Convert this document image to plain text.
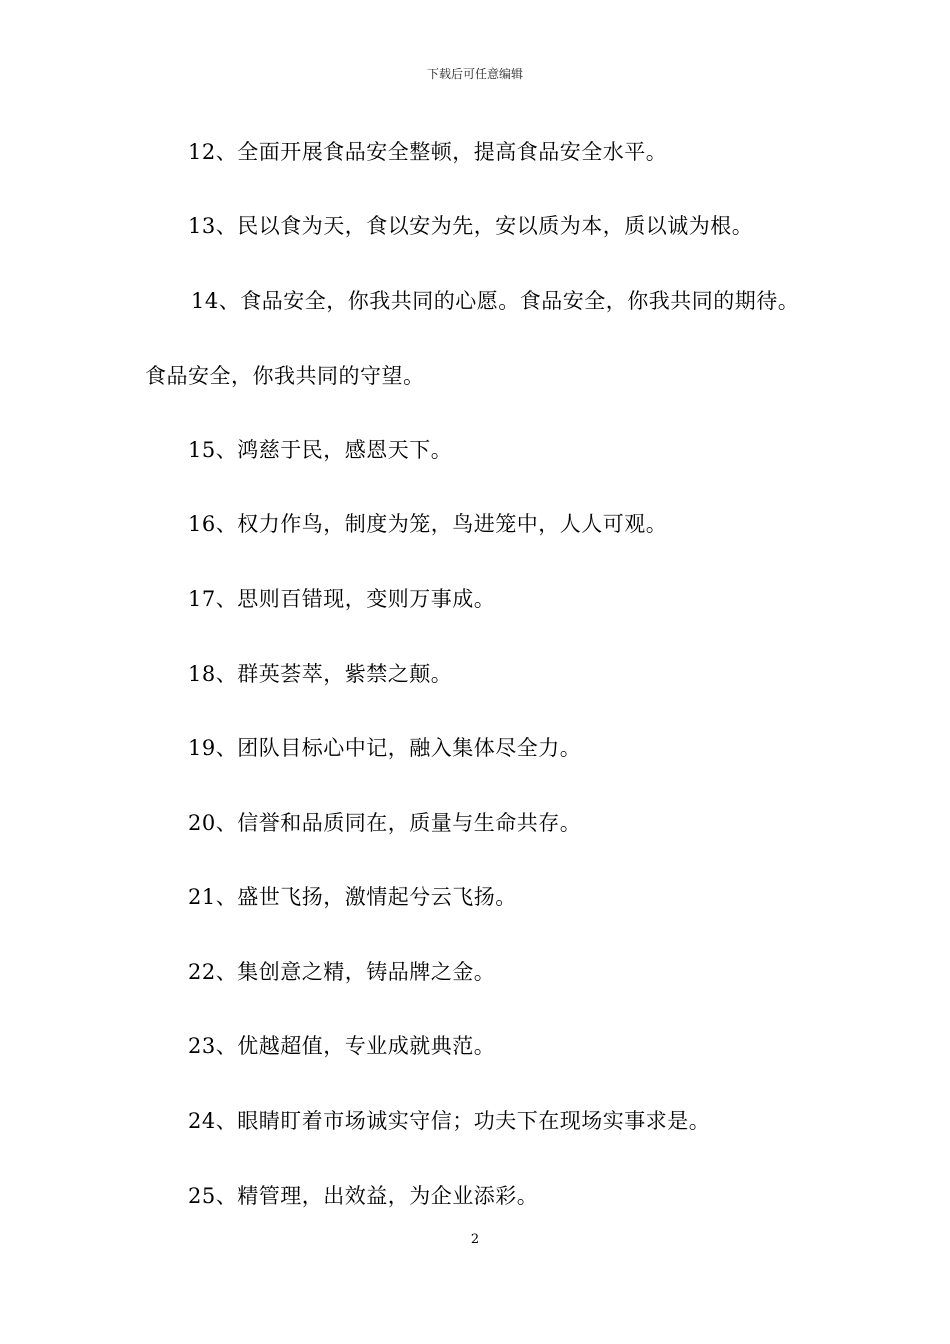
下载后可任意编辑
12、全面开展食品安全整顿，提高食品安全水平。
13、民以食为天，食以安为先，安以质为本，质以诚为根。
14、食品安全，你我共同的心愿。食品安全，你我共同的期待。
食品安全，你我共同的守望。
15、鸿慈于民，感恩天下。
16、权力作鸟，制度为笼，鸟进笼中，人人可观。
17、思则百错现，变则万事成。
18、群英荟萃，紫禁之颠。
19、团队目标心中记，融入集体尽全力。
20、信誉和品质同在，质量与生命共存。
21、盛世飞扬，激情起兮云飞扬。
22、集创意之精，铸品牌之金。
23、优越超值，专业成就典范。
24、眼睛盯着市场诚实守信；功夫下在现场实事求是。
25、精管理，出效益，为企业添彩。
2
